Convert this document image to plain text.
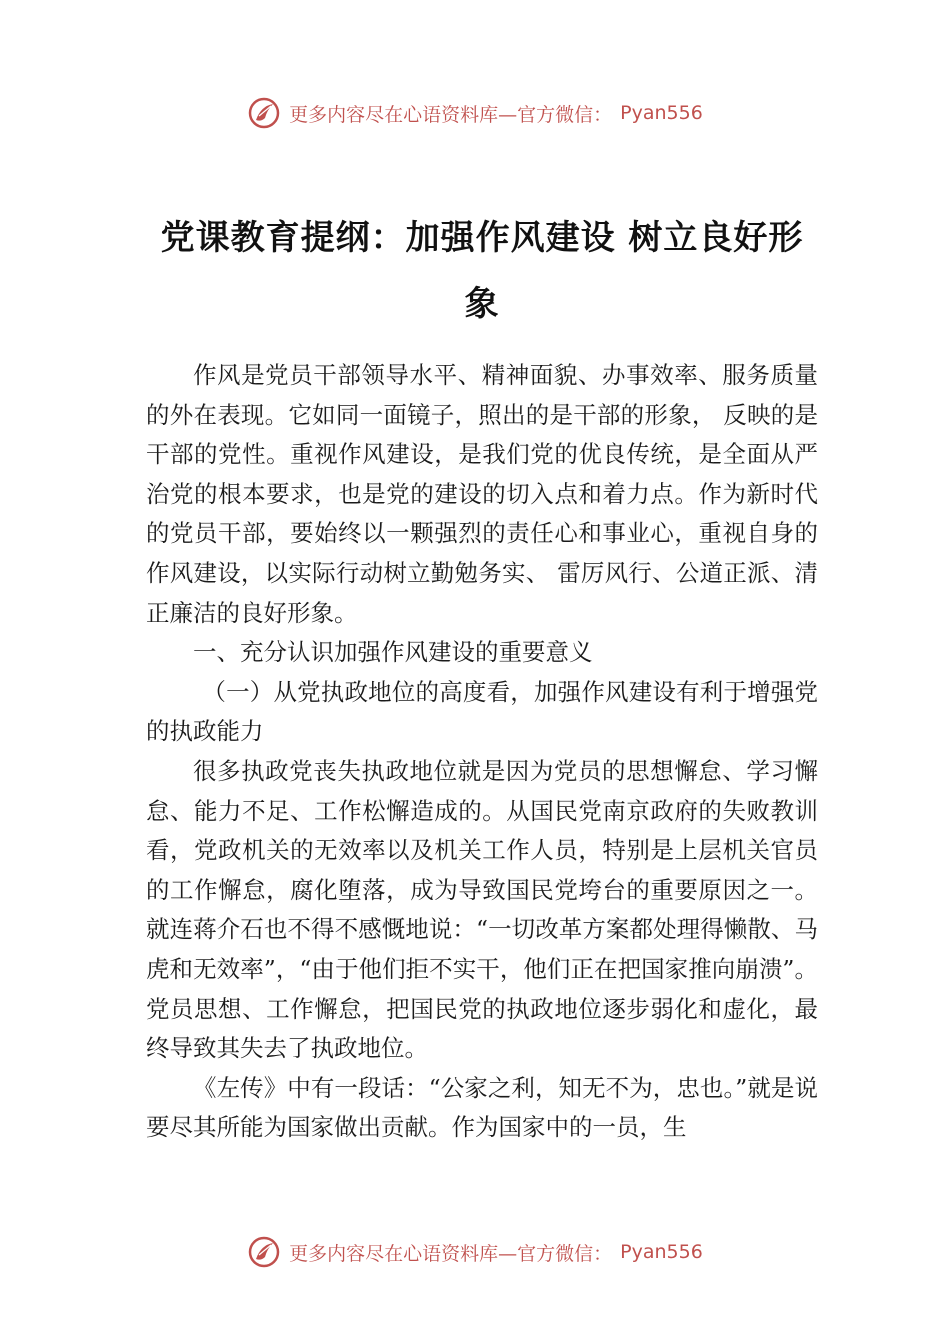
更多内容尽在心语资料库—官方微信： Pyan556
党课教育提纲：加强作风建设 树立良好形象

作风是党员干部领导水平、精神面貌、办事效率、服务质量的外在表现。它如同一面镜子，照出的是干部的形象， 反映的是干部的党性。重视作风建设，是我们党的优良传统，是全面从严治党的根本要求，也是党的建设的切入点和着力点。作为新时代的党员干部，要始终以一颗强烈的责任心和事业心，重视自身的作风建设，以实际行动树立勤勉务实、 雷厉风行、公道正派、清正廉洁的良好形象。

一、充分认识加强作风建设的重要意义

（一）从党执政地位的高度看，加强作风建设有利于增强党的执政能力

很多执政党丧失执政地位就是因为党员的思想懈怠、学习懈怠、能力不足、工作松懈造成的。从国民党南京政府的失败教训看，党政机关的无效率以及机关工作人员，特别是上层机关官员的工作懈怠，腐化堕落，成为导致国民党垮台的重要原因之一。就连蒋介石也不得不感慨地说：“一切改革方案都处理得懒散、马虎和无效率”，“由于他们拒不实干，他们正在把国家推向崩溃”。党员思想、工作懈怠，把国民党的执政地位逐步弱化和虚化，最终导致其失去了执政地位。

《左传》中有一段话：“公家之利，知无不为，忠也。”就是说要尽其所能为国家做出贡献。作为国家中的一员，生

更多内容尽在心语资料库—官方微信： Pyan556
